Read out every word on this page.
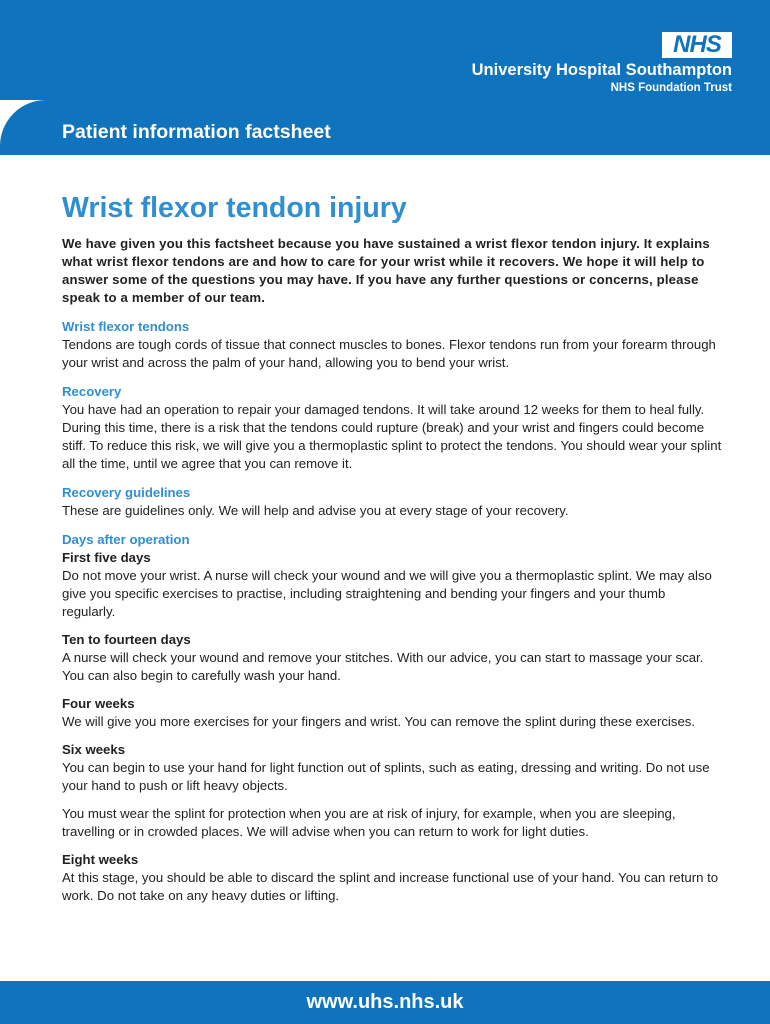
NHS
University Hospital Southampton
NHS Foundation Trust
Patient information factsheet
Wrist flexor tendon injury

We have given you this factsheet because you have sustained a wrist flexor tendon injury. It explains what wrist flexor tendons are and how to care for your wrist while it recovers. We hope it will help to answer some of the questions you may have. If you have any further questions or concerns, please speak to a member of our team.

Wrist flexor tendons

Tendons are tough cords of tissue that connect muscles to bones. Flexor tendons run from your forearm through your wrist and across the palm of your hand, allowing you to bend your wrist.

Recovery

You have had an operation to repair your damaged tendons. It will take around 12 weeks for them to heal fully. During this time, there is a risk that the tendons could rupture (break) and your wrist and fingers could become stiff. To reduce this risk, we will give you a thermoplastic splint to protect the tendons. You should wear your splint all the time, until we agree that you can remove it.

Recovery guidelines

These are guidelines only. We will help and advise you at every stage of your recovery.

Days after operation

First five days

Do not move your wrist. A nurse will check your wound and we will give you a thermoplastic splint. We may also give you specific exercises to practise, including straightening and bending your fingers and your thumb regularly.

Ten to fourteen days

A nurse will check your wound and remove your stitches. With our advice, you can start to massage your scar. You can also begin to carefully wash your hand.

Four weeks

We will give you more exercises for your fingers and wrist. You can remove the splint during these exercises.

Six weeks

You can begin to use your hand for light function out of splints, such as eating, dressing and writing. Do not use your hand to push or lift heavy objects.

You must wear the splint for protection when you are at risk of injury, for example, when you are sleeping, travelling or in crowded places. We will advise when you can return to work for light duties.

Eight weeks

At this stage, you should be able to discard the splint and increase functional use of your hand. You can return to work. Do not take on any heavy duties or lifting.

www.uhs.nhs.uk
